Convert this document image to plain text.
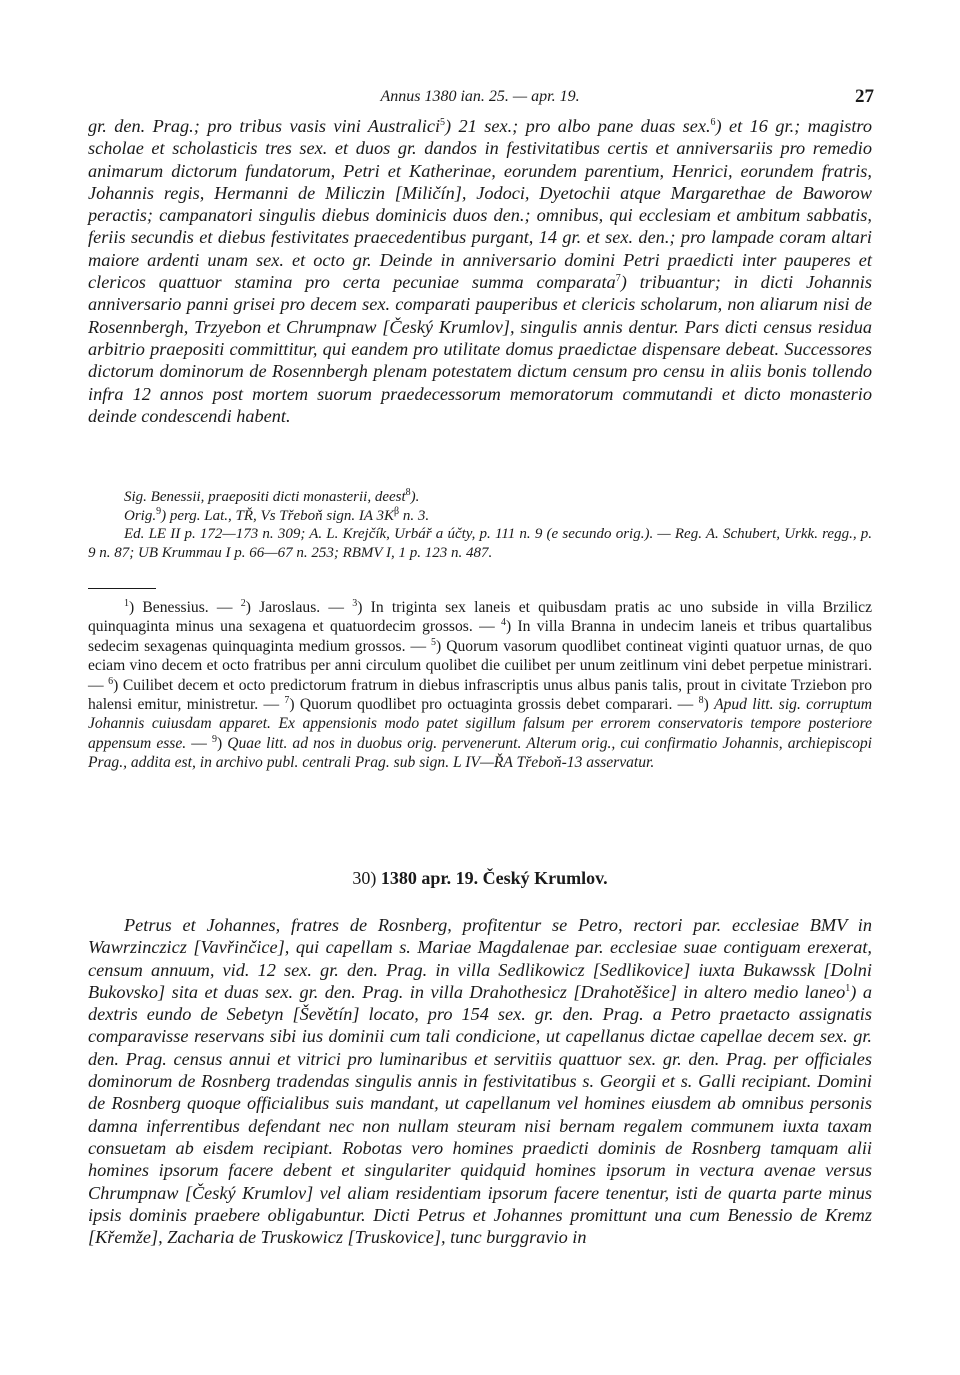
Annus 1380 ian. 25. — apr. 19.	27

gr. den. Prag.; pro tribus vasis vini Australici$^5$) 21 sex.; pro albo pane duas sex.$^6$) et 16 gr.; magistro scholae et scholasticis tres sex. et duos gr. dandos in festivitatibus certis et anniversariis pro remedio animarum dictorum fundatorum, Petri et Katherinae, eorundem parentium, Henrici, eorundem fratris, Johannis regis, Hermanni de Miliczin [Miličín], Jodoci, Dyetochii atque Margarethae de Baworow peractis; campanatori singulis diebus dominicis duos den.; omnibus, qui ecclesiam et ambitum sabbatis, feriis secundis et diebus festivitates praecedentibus purgant, 14 gr. et sex. den.; pro lampade coram altari maiore ardenti unam sex. et octo gr. Deinde in anniversario domini Petri praedicti inter pauperes et clericos quattuor stamina pro certa pecuniae summa comparata$^7$) tribuantur; in dicti Johannis anniversario panni grisei pro decem sex. comparati pauperibus et clericis scholarum, non aliarum nisi de Rosennbergh, Trzyebon et Chrumpnaw [Český Krumlov], singulis annis dentur. Pars dicti census residua arbitrio praepositi committitur, qui eandem pro utilitate domus praedictae dispensare debeat. Successores dictorum dominorum de Rosennbergh plenam potestatem dictum censum pro censu in aliis bonis tollendo infra 12 annos post mortem suorum praedecessorum memoratorum commutandi et dicto monasterio deinde condescendi habent.

Sig. Benessii, praepositi dicti monasterii, deest$^8$).

Orig.$^9$) perg. Lat., TŘ, Vs Třeboň sign. IA $3K^\beta$ n. 3.

Ed. LE II p. 172—173 n. 309; A. L. Krejčík, Urbář a účty, p. 111 n. 9 (e secundo orig.). — Reg. A. Schubert, Urkk. regg., p. 9 n. 87; UB Krummau I p. 66—67 n. 253; RBMV I, 1 p. 123 n. 487.

$^1$) Benessius. — $^2$) Jaroslaus. — $^3$) In triginta sex laneis et quibusdam pratis ac uno subside in villa Brzilicz quinquaginta minus una sexagena et quatuordecim grossos. — $^4$) In villa Branna in undecim laneis et tribus quartalibus sedecim sexagenas quinquaginta medium grossos. — $^5$) Quorum vasorum quodlibet contineat viginti quatuor urnas, de quo eciam vino decem et octo fratribus per anni circulum quolibet die cuilibet per unum zeitlinum vini debet perpetue ministrari. — $^6$) Cuilibet decem et octo predictorum fratrum in diebus infrascriptis unus albus panis talis, prout in civitate Trziebon pro halensi emitur, ministretur. — $^7$) Quorum quodlibet pro octuaginta grossis debet comparari. — $^8$) Apud litt. sig. corruptum Johannis cuiusdam apparet. Ex appensionis modo patet sigillum falsum per errorem conservatoris tempore posteriore appensum esse. — $^9$) Quae litt. ad nos in duobus orig. pervenerunt. Alterum orig., cui confirmatio Johannis, archiepiscopi Prag., addita est, in archivo publ. centrali Prag. sub sign. L IV—ŘA Třeboň-13 asservatur.

30) 1380 apr. 19. Český Krumlov.

Petrus et Johannes, fratres de Rosnberg, profitentur se Petro, rectori par. ecclesiae BMV in Wawrzinczicz [Vavřinčice], qui capellam s. Mariae Magdalenae par. ecclesiae suae contiguam erexerat, censum annuum, vid. 12 sex. gr. den. Prag. in villa Sedlikowicz [Sedlikovice] iuxta Bukawssk [Dolni Bukovsko] sita et duas sex. gr. den. Prag. in villa Drahothesicz [Drahotěšice] in altero medio laneo$^1$) a dextris eundo de Sebetyn [Ševětín] locato, pro 154 sex. gr. den. Prag. a Petro praetacto assignatis comparavisse reservans sibi ius dominii cum tali condicione, ut capellanus dictae capellae decem sex. gr. den. Prag. census annui et vitrici pro luminaribus et servitiis quattuor sex. gr. den. Prag. per officiales dominorum de Rosnberg tradendas singulis annis in festivitatibus s. Georgii et s. Galli recipiant. Domini de Rosnberg quoque officialibus suis mandant, ut capellanum vel homines eiusdem ab omnibus personis damna inferrentibus defendant nec non nullam steuram nisi bernam regalem communem iuxta taxam consuetam ab eisdem recipiant. Robotas vero homines praedicti dominis de Rosnberg tamquam alii homines ipsorum facere debent et singulariter quidquid homines ipsorum in vectura avenae versus Chrumpnaw [Český Krumlov] vel aliam residentiam ipsorum facere tenentur, isti de quarta parte minus ipsis dominis praebere obligabuntur. Dicti Petrus et Johannes promittunt una cum Benessio de Kremz [Křemže], Zacharia de Truskowicz [Truskovice], tunc burggravio in
